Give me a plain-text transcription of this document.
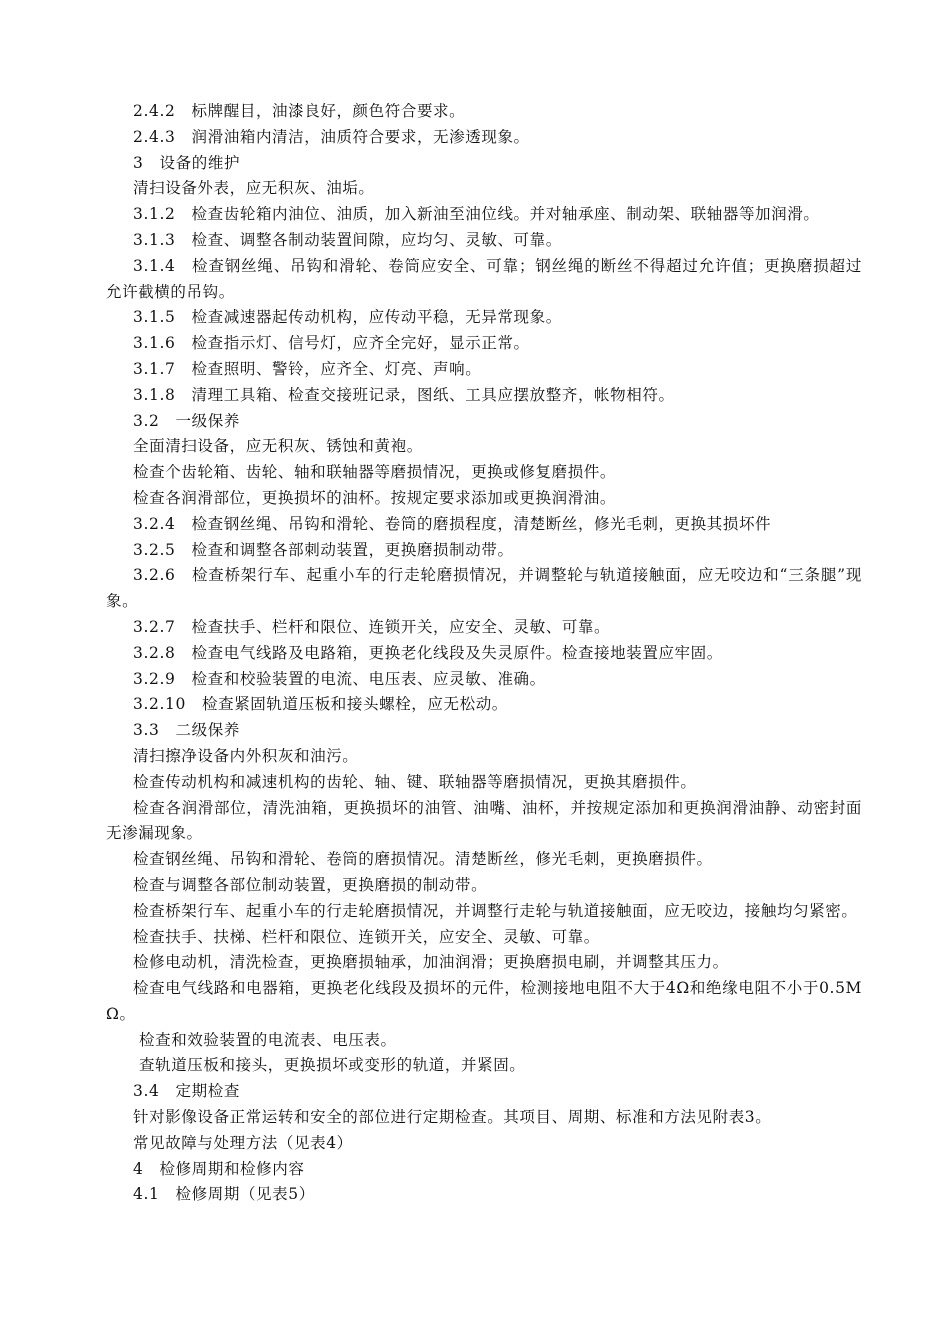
2.4.2　标牌醒目，油漆良好，颜色符合要求。

2.4.3　润滑油箱内清洁，油质符合要求，无渗透现象。

3　设备的维护

清扫设备外表，应无积灰、油垢。

3.1.2　检查齿轮箱内油位、油质，加入新油至油位线。并对轴承座、制动架、联轴器等加润滑。

3.1.3　检查、调整各制动装置间隙，应均匀、灵敏、可靠。

3.1.4　检查钢丝绳、吊钩和滑轮、卷筒应安全、可靠；钢丝绳的断丝不得超过允许值；更换磨损超过允许截横的吊钩。

3.1.5　检查减速器起传动机构，应传动平稳，无异常现象。

3.1.6　检查指示灯、信号灯，应齐全完好，显示正常。

3.1.7　检查照明、警铃，应齐全、灯亮、声响。

3.1.8　清理工具箱、检查交接班记录，图纸、工具应摆放整齐，帐物相符。

3.2　一级保养

全面清扫设备，应无积灰、锈蚀和黄袍。

检查个齿轮箱、齿轮、轴和联轴器等磨损情况，更换或修复磨损件。

检查各润滑部位，更换损坏的油杯。按规定要求添加或更换润滑油。

3.2.4　检查钢丝绳、吊钩和滑轮、卷筒的磨损程度，清楚断丝，修光毛刺，更换其损坏件

3.2.5　检查和调整各部刺动装置，更换磨损制动带。

3.2.6　检查桥架行车、起重小车的行走轮磨损情况，并调整轮与轨道接触面，应无咬边和“三条腿”现象。

3.2.7　检查扶手、栏杆和限位、连锁开关，应安全、灵敏、可靠。

3.2.8　检查电气线路及电路箱，更换老化线段及失灵原件。检查接地装置应牢固。

3.2.9　检查和校验装置的电流、电压表、应灵敏、准确。

3.2.10　检查紧固轨道压板和接头螺栓，应无松动。

3.3　二级保养

清扫擦净设备内外积灰和油污。

检查传动机构和减速机构的齿轮、轴、键、联轴器等磨损情况，更换其磨损件。

检查各润滑部位，清洗油箱，更换损坏的油管、油嘴、油杯，并按规定添加和更换润滑油静、动密封面无渗漏现象。

检查钢丝绳、吊钩和滑轮、卷筒的磨损情况。清楚断丝，修光毛刺，更换磨损件。

检查与调整各部位制动装置，更换磨损的制动带。

检查桥架行车、起重小车的行走轮磨损情况，并调整行走轮与轨道接触面，应无咬边，接触均匀紧密。

检查扶手、扶梯、栏杆和限位、连锁开关，应安全、灵敏、可靠。

检修电动机，清洗检查，更换磨损轴承，加油润滑；更换磨损电刷，并调整其压力。

检查电气线路和电器箱，更换老化线段及损坏的元件，检测接地电阻不大于4Ω和绝缘电阻不小于0.5MΩ。

检查和效验装置的电流表、电压表。

查轨道压板和接头，更换损坏或变形的轨道，并紧固。

3.4　定期检查

针对影像设备正常运转和安全的部位进行定期检查。其项目、周期、标准和方法见附表3。

常见故障与处理方法（见表4）

4　检修周期和检修内容

4.1　检修周期（见表5）
